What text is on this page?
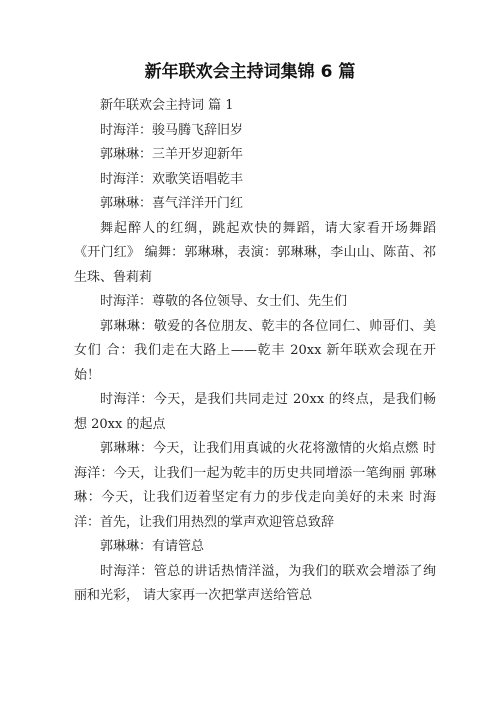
新年联欢会主持词集锦 6 篇

新年联欢会主持词 篇 1

时海洋：骏马腾飞辞旧岁

郭琳琳：三羊开岁迎新年

时海洋：欢歌笑语唱乾丰

郭琳琳：喜气洋洋开门红

舞起醉人的红绸，跳起欢快的舞蹈，请大家看开场舞蹈《开门红》 编舞：郭琳琳，表演：郭琳琳，李山山、陈苗、祁生珠、鲁莉莉

时海洋：尊敬的各位领导、女士们、先生们

郭琳琳：敬爱的各位朋友、乾丰的各位同仁、帅哥们、美女们 合：我们走在大路上——乾丰 20xx 新年联欢会现在开始！

时海洋：今天，是我们共同走过 20xx 的终点，是我们畅想 20xx 的起点

郭琳琳：今天，让我们用真诚的火花将激情的火焰点燃 时海洋：今天，让我们一起为乾丰的历史共同增添一笔绚丽 郭琳琳：今天，让我们迈着坚定有力的步伐走向美好的未来 时海洋：首先，让我们用热烈的掌声欢迎管总致辞

郭琳琳：有请管总

时海洋：管总的讲话热情洋溢，为我们的联欢会增添了绚丽和光彩， 请大家再一次把掌声送给管总
